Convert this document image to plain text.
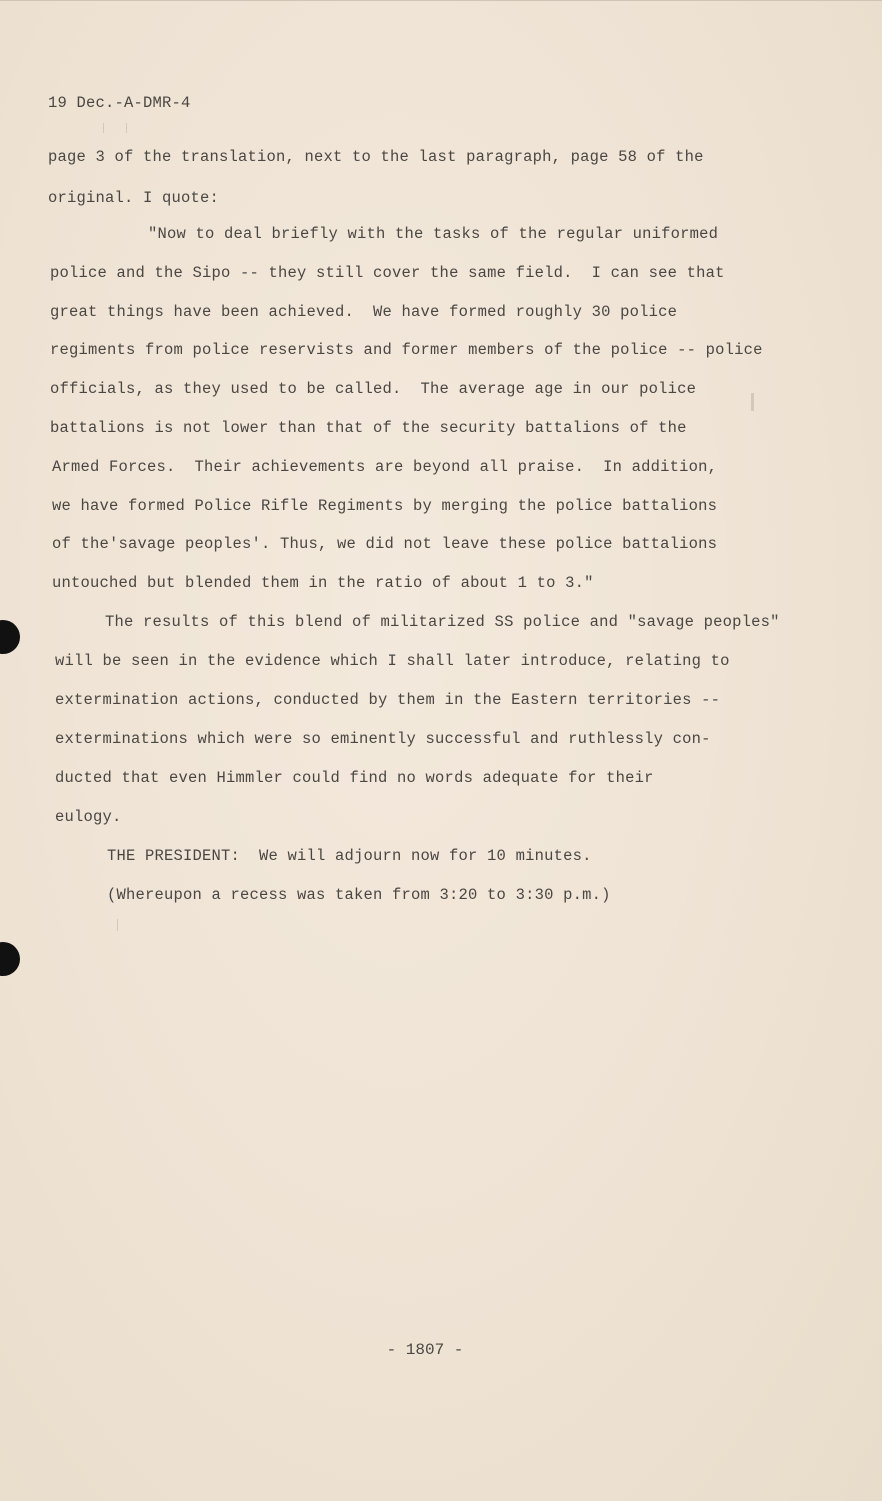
19 Dec.-A-DMR-4
page 3 of the translation, next to the last paragraph, page 58 of the
original. I quote:
"Now to deal briefly with the tasks of the regular uniformed
police and the Sipo -- they still cover the same field.  I can see that
great things have been achieved.  We have formed roughly 30 police
regiments from police reservists and former members of the police -- police
officials, as they used to be called.  The average age in our police
battalions is not lower than that of the security battalions of the
Armed Forces.  Their achievements are beyond all praise.  In addition,
we have formed Police Rifle Regiments by merging the police battalions
of the'savage peoples'. Thus, we did not leave these police battalions
untouched but blended them in the ratio of about 1 to 3."
The results of this blend of militarized SS police and "savage peoples"
will be seen in the evidence which I shall later introduce, relating to
extermination actions, conducted by them in the Eastern territories --
exterminations which were so eminently successful and ruthlessly con-
ducted that even Himmler could find no words adequate for their
eulogy.
THE PRESIDENT:  We will adjourn now for 10 minutes.
(Whereupon a recess was taken from 3:20 to 3:30 p.m.)
- 1807 -
